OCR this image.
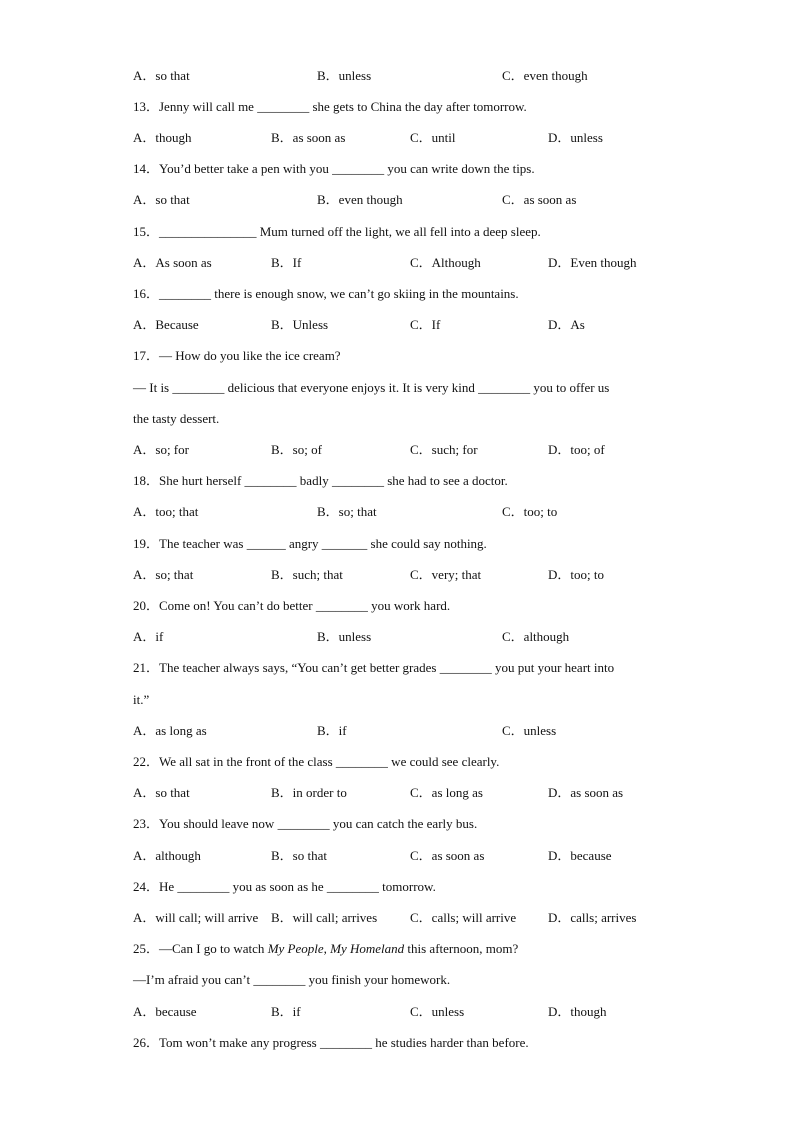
A．so that	B．unless	C．even though
13．Jenny will call me ________ she gets to China the day after tomorrow.
A．though	B．as soon as	C．until	D．unless
14．You’d better take a pen with you ________ you can write down the tips.
A．so that	B．even though	C．as soon as
15．_______________ Mum turned off the light, we all fell into a deep sleep.
A．As soon as	B．If	C．Although	D．Even though
16．________ there is enough snow, we can’t go skiing in the mountains.
A．Because	B．Unless	C．If	D．As
17．— How do you like the ice cream?
— It is ________ delicious that everyone enjoys it. It is very kind ________ you to offer us
the tasty dessert.
A．so; for	B．so; of	C．such; for	D．too; of
18．She hurt herself ________ badly ________ she had to see a doctor.
A．too; that	B．so; that	C．too; to
19．The teacher was ______ angry _______ she could say nothing.
A．so; that	B．such; that	C．very; that	D．too; to
20．Come on! You can’t do better ________ you work hard.
A．if	B．unless	C．although
21．The teacher always says, “You can’t get better grades ________ you put your heart into
it.”
A．as long as	B．if	C．unless
22．We all sat in the front of the class ________ we could see clearly.
A．so that	B．in order to	C．as long as	D．as soon as
23．You should leave now ________ you can catch the early bus.
A．although	B．so that	C．as soon as	D．because
24．He ________ you as soon as he ________ tomorrow.
A．will call; will arrive B．will call; arrives	C．calls; will arrive D．calls; arrives
25．—Can I go to watch My People, My Homeland this afternoon, mom?
—I’m afraid you can’t ________ you finish your homework.
A．because	B．if	C．unless	D．though
26．Tom won’t make any progress ________ he studies harder than before.
